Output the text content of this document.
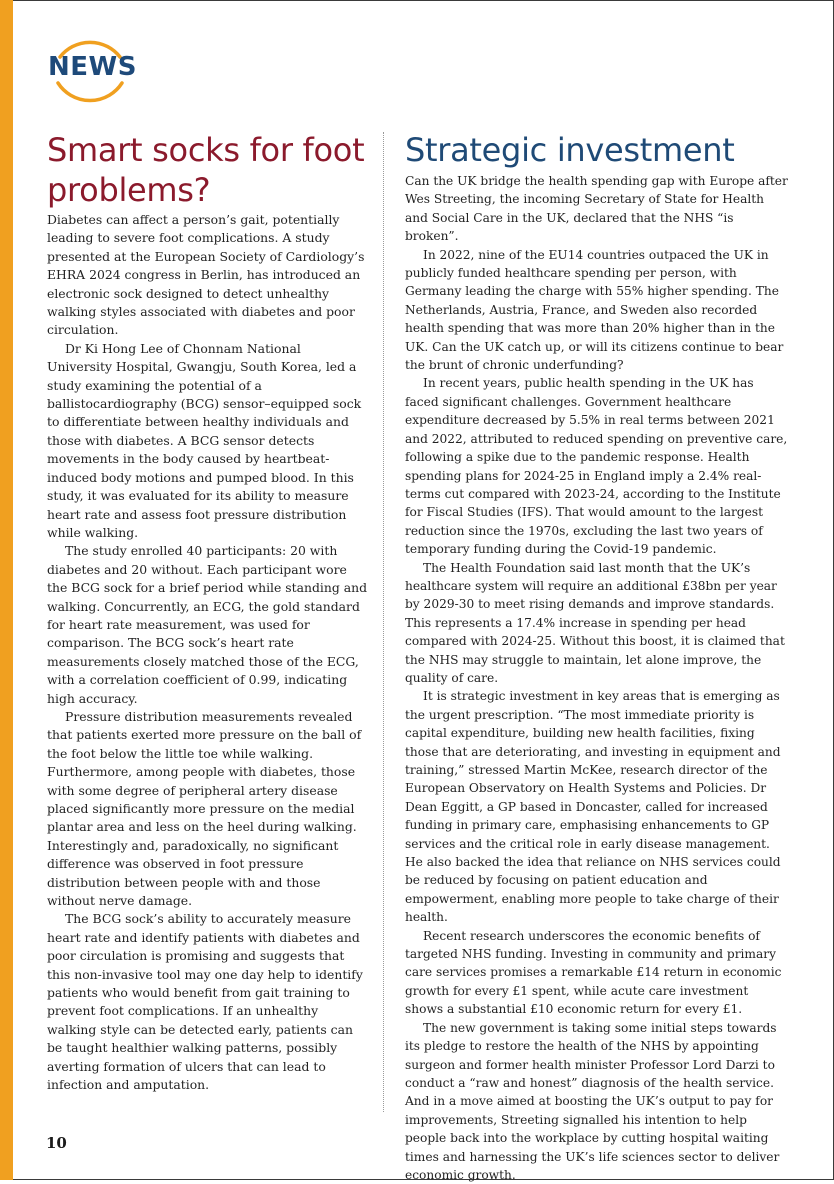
NEWS
Smart socks for foot problems?

Diabetes can affect a person’s gait, potentially leading to severe foot complications. A study presented at the European Society of Cardiology’s EHRA 2024 congress in Berlin, has introduced an electronic sock designed to detect unhealthy walking styles associated with diabetes and poor circulation.

Dr Ki Hong Lee of Chonnam National University Hospital, Gwangju, South Korea, led a study examining the potential of a ballistocardiography (BCG) sensor–equipped sock to differentiate between healthy individuals and those with diabetes. A BCG sensor detects movements in the body caused by heartbeat-induced body motions and pumped blood. In this study, it was evaluated for its ability to measure heart rate and assess foot pressure distribution while walking.

The study enrolled 40 participants: 20 with diabetes and 20 without. Each participant wore the BCG sock for a brief period while standing and walking. Concurrently, an ECG, the gold standard for heart rate measurement, was used for comparison. The BCG sock’s heart rate measurements closely matched those of the ECG, with a correlation coefficient of 0.99, indicating high accuracy.

Pressure distribution measurements revealed that patients exerted more pressure on the ball of the foot below the little toe while walking. Furthermore, among people with diabetes, those with some degree of peripheral artery disease placed significantly more pressure on the medial plantar area and less on the heel during walking. Interestingly and, paradoxically, no significant difference was observed in foot pressure distribution between people with and those without nerve damage.

The BCG sock’s ability to accurately measure heart rate and identify patients with diabetes and poor circulation is promising and suggests that this non-invasive tool may one day help to identify patients who would benefit from gait training to prevent foot complications. If an unhealthy walking style can be detected early, patients can be taught healthier walking patterns, possibly averting formation of ulcers that can lead to infection and amputation.

Strategic investment

Can the UK bridge the health spending gap with Europe after Wes Streeting, the incoming Secretary of State for Health and Social Care in the UK, declared that the NHS “is broken”.

In 2022, nine of the EU14 countries outpaced the UK in publicly funded healthcare spending per person, with Germany leading the charge with 55% higher spending. The Netherlands, Austria, France, and Sweden also recorded health spending that was more than 20% higher than in the UK. Can the UK catch up, or will its citizens continue to bear the brunt of chronic underfunding?

In recent years, public health spending in the UK has faced significant challenges. Government healthcare expenditure decreased by 5.5% in real terms between 2021 and 2022, attributed to reduced spending on preventive care, following a spike due to the pandemic response. Health spending plans for 2024-25 in England imply a 2.4% real-terms cut compared with 2023-24, according to the Institute for Fiscal Studies (IFS). That would amount to the largest reduction since the 1970s, excluding the last two years of temporary funding during the Covid-19 pandemic.

The Health Foundation said last month that the UK’s healthcare system will require an additional £38bn per year by 2029-30 to meet rising demands and improve standards. This represents a 17.4% increase in spending per head compared with 2024-25. Without this boost, it is claimed that the NHS may struggle to maintain, let alone improve, the quality of care.

It is strategic investment in key areas that is emerging as the urgent prescription. “The most immediate priority is capital expenditure, building new health facilities, fixing those that are deteriorating, and investing in equipment and training,” stressed Martin McKee, research director of the European Observatory on Health Systems and Policies. Dr Dean Eggitt, a GP based in Doncaster, called for increased funding in primary care, emphasising enhancements to GP services and the critical role in early disease management. He also backed the idea that reliance on NHS services could be reduced by focusing on patient education and empowerment, enabling more people to take charge of their health.

Recent research underscores the economic benefits of targeted NHS funding. Investing in community and primary care services promises a remarkable £14 return in economic growth for every £1 spent, while acute care investment shows a substantial £10 economic return for every £1.

The new government is taking some initial steps towards its pledge to restore the health of the NHS by appointing surgeon and former health minister Professor Lord Darzi to conduct a “raw and honest” diagnosis of the health service. And in a move aimed at boosting the UK’s output to pay for improvements, Streeting signalled his intention to help people back into the workplace by cutting hospital waiting times and harnessing the UK’s life sciences sector to deliver economic growth.

10
